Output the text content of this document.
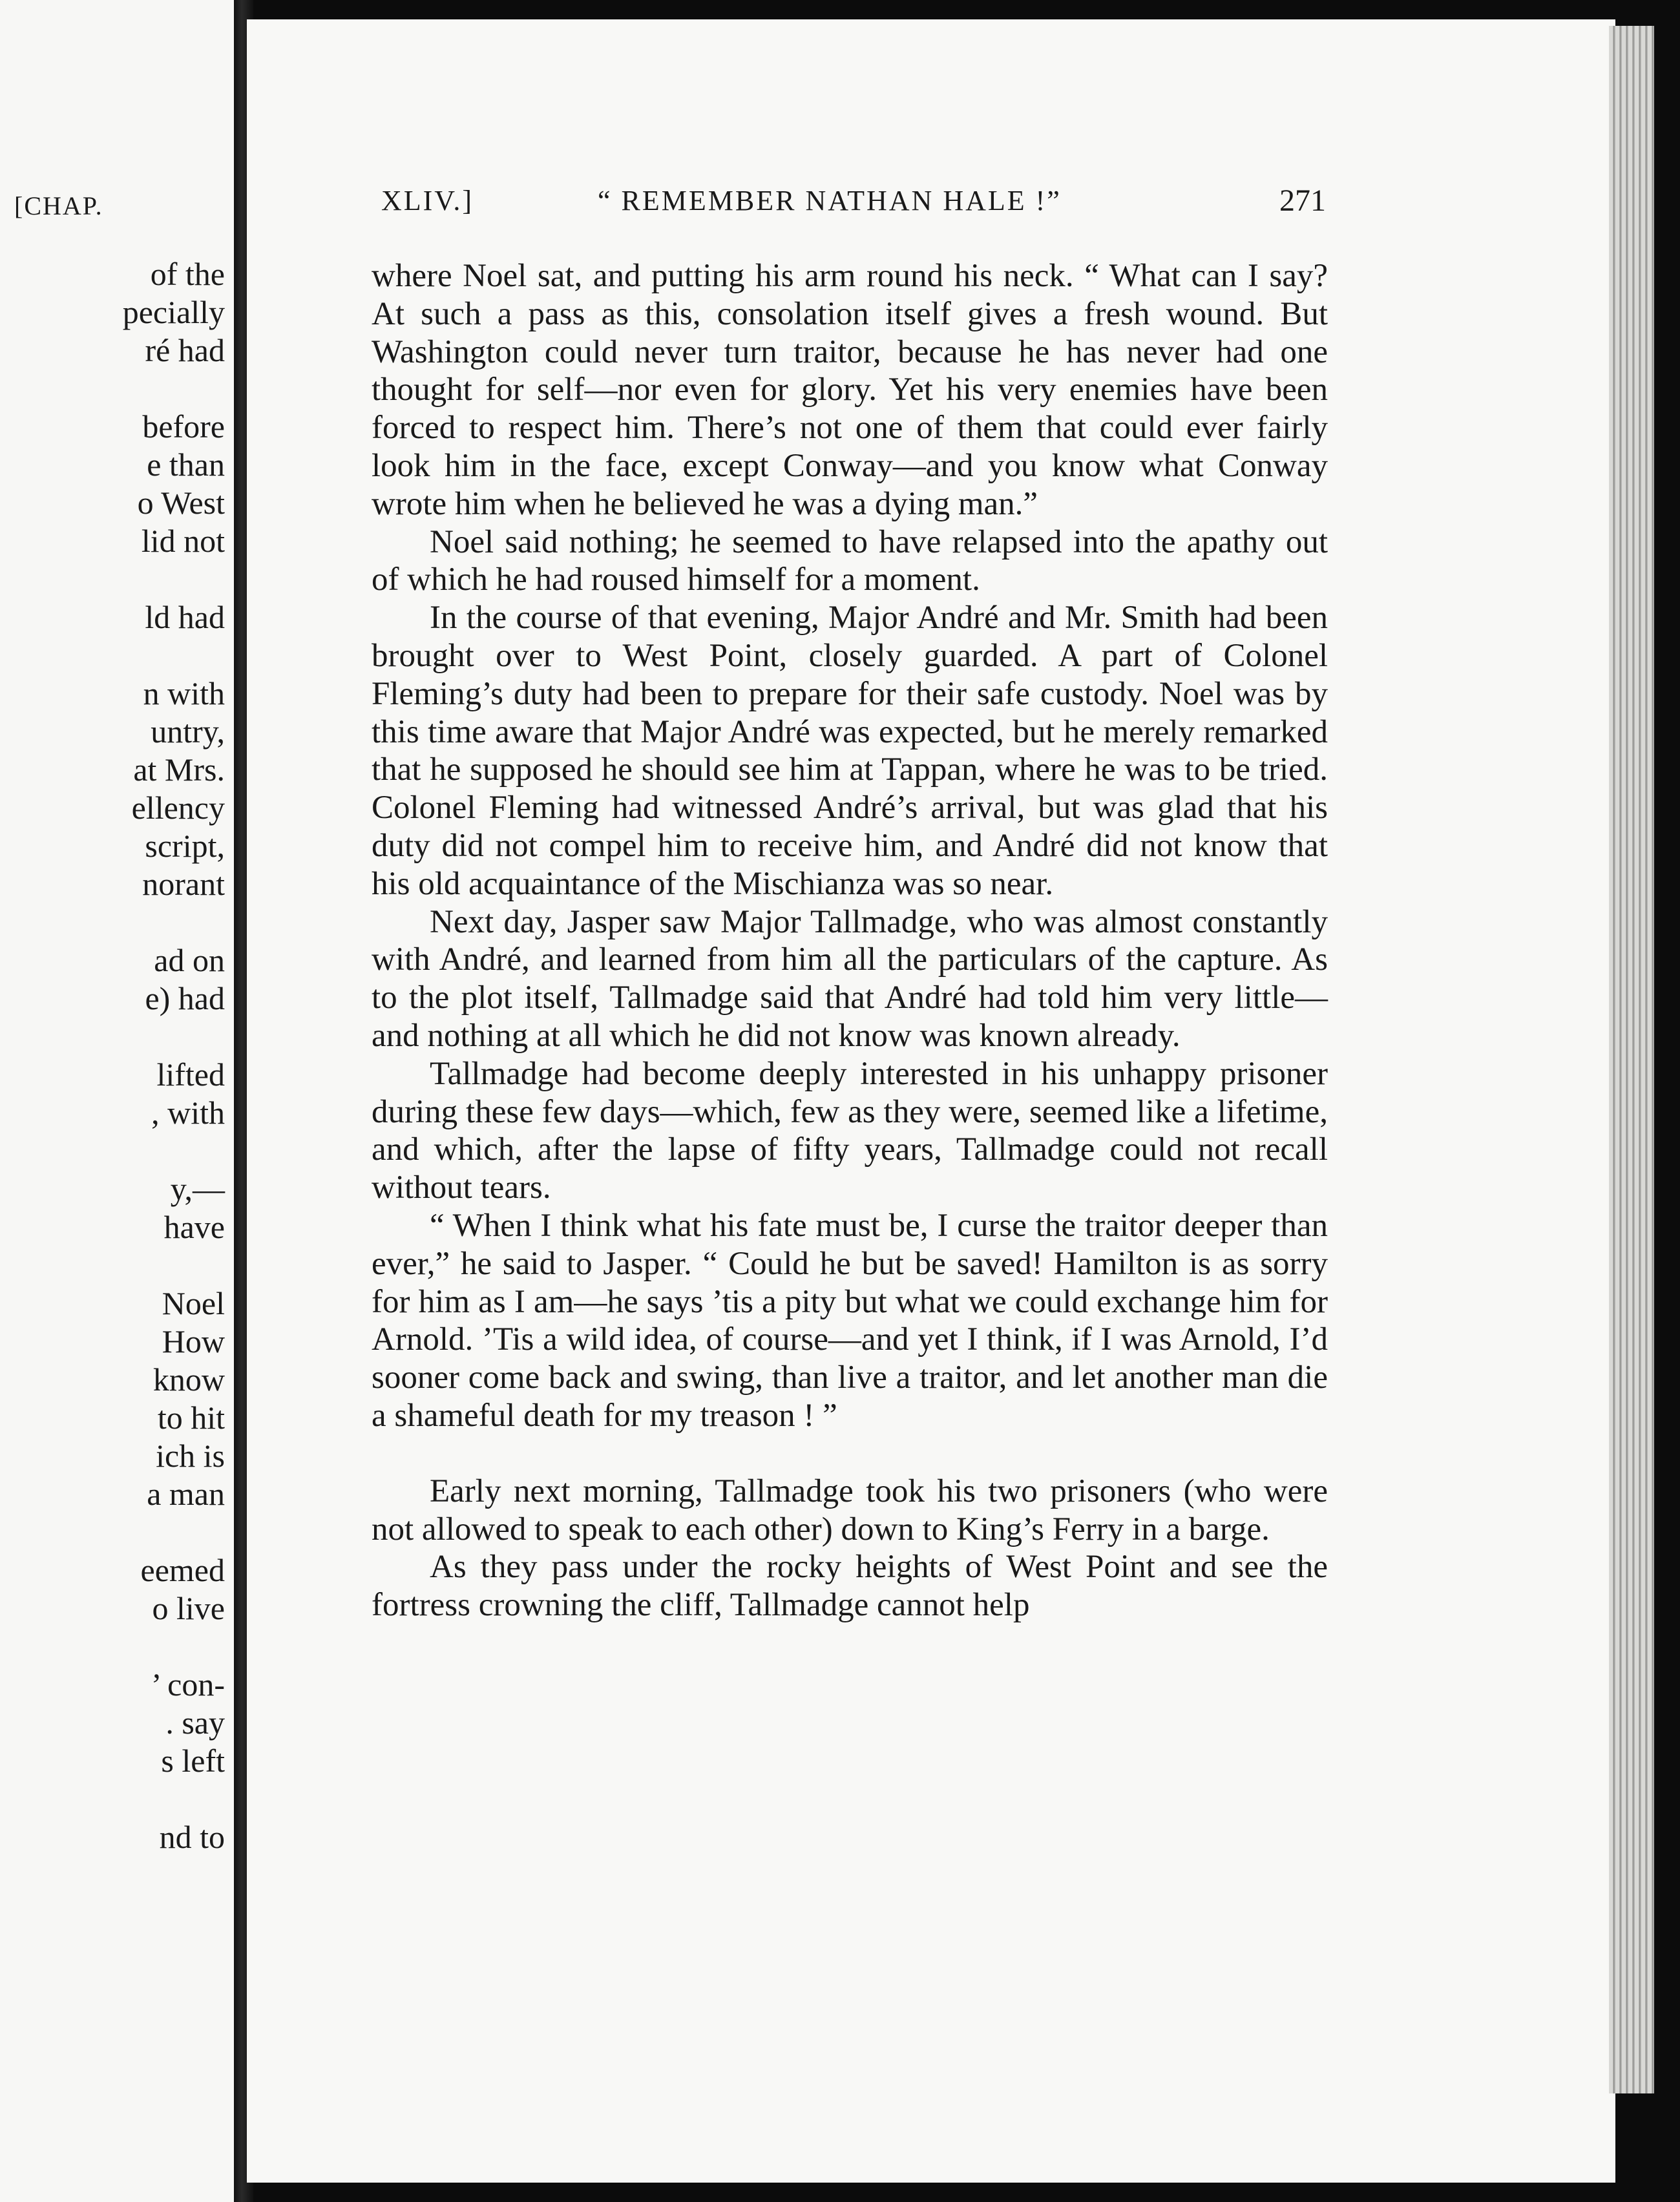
[CHAP.
of the
pecially
ré had
before
e than
o West
lid not
ld had
n with
untry,
at Mrs.
ellency
script,
norant
ad on
e) had
lifted
, with
y,—
have
Noel
How
know
to hit
ich is
a man
eemed
o live
’ con-
. say
s left
nd to
XLIV.]	“ REMEMBER NATHAN HALE !”	271

where Noel sat, and putting his arm round his neck. “ What can I say? At such a pass as this, consolation itself gives a fresh wound. But Washington could never turn traitor, because he has never had one thought for self—nor even for glory. Yet his very enemies have been forced to respect him. There’s not one of them that could ever fairly look him in the face, except Conway—and you know what Conway wrote him when he believed he was a dying man.”

Noel said nothing; he seemed to have relapsed into the apathy out of which he had roused himself for a moment.

In the course of that evening, Major André and Mr. Smith had been brought over to West Point, closely guarded. A part of Colonel Fleming’s duty had been to prepare for their safe custody. Noel was by this time aware that Major André was expected, but he merely remarked that he supposed he should see him at Tappan, where he was to be tried. Colonel Fleming had witnessed André’s arrival, but was glad that his duty did not compel him to receive him, and André did not know that his old acquaintance of the Mischianza was so near.

Next day, Jasper saw Major Tallmadge, who was almost constantly with André, and learned from him all the particulars of the capture. As to the plot itself, Tallmadge said that André had told him very little—and nothing at all which he did not know was known already.

Tallmadge had become deeply interested in his unhappy prisoner during these few days—which, few as they were, seemed like a lifetime, and which, after the lapse of fifty years, Tallmadge could not recall without tears.

“ When I think what his fate must be, I curse the traitor deeper than ever,” he said to Jasper. “ Could he but be saved! Hamilton is as sorry for him as I am—he says ’tis a pity but what we could exchange him for Arnold. ’Tis a wild idea, of course—and yet I think, if I was Arnold, I’d sooner come back and swing, than live a traitor, and let another man die a shameful death for my treason ! ”

Early next morning, Tallmadge took his two prisoners (who were not allowed to speak to each other) down to King’s Ferry in a barge.

As they pass under the rocky heights of West Point and see the fortress crowning the cliff, Tallmadge cannot help
